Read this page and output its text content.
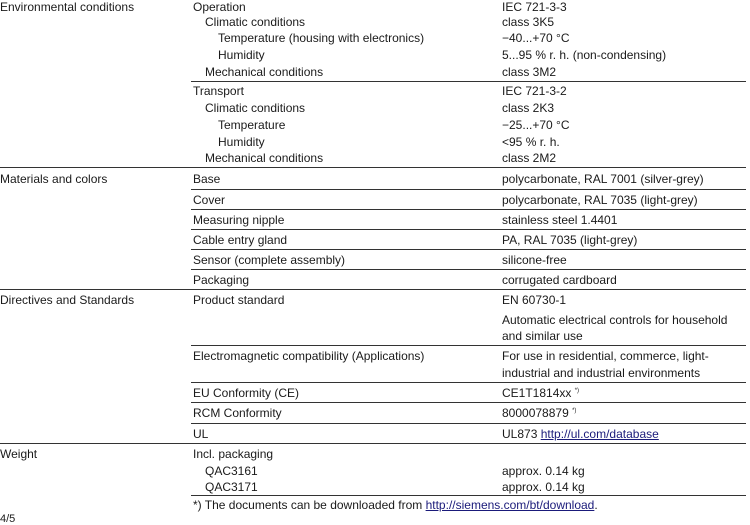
Environmental conditions	Operation	IEC 721-3-3
Climatic conditions	class 3K5
Temperature (housing with electronics)	−40...+70 °C
Humidity	5...95 % r. h. (non-condensing)
Mechanical conditions	class 3M2
Transport	IEC 721-3-2
Climatic conditions	class 2K3
Temperature	−25...+70 °C
Humidity	<95 % r. h.
Mechanical conditions	class 2M2
Materials and colors	Base	polycarbonate, RAL 7001 (silver-grey)
Cover	polycarbonate, RAL 7035 (light-grey)
Measuring nipple	stainless steel 1.4401
Cable entry gland	PA, RAL 7035 (light-grey)
Sensor (complete assembly)	silicone-free
Packaging	corrugated cardboard
Directives and Standards	Product standard	EN 60730-1
Automatic electrical controls for household
and similar use
Electromagnetic compatibility (Applications)	For use in residential, commerce, light-
industrial and industrial environments
EU Conformity (CE)	CE1T1814xx *)
RCM Conformity	8000078879 *)
UL	UL873 http://ul.com/database
Weight	Incl. packaging
QAC3161	approx. 0.14 kg
QAC3171	approx. 0.14 kg
*) The documents can be downloaded from http://siemens.com/bt/download.
4/5
